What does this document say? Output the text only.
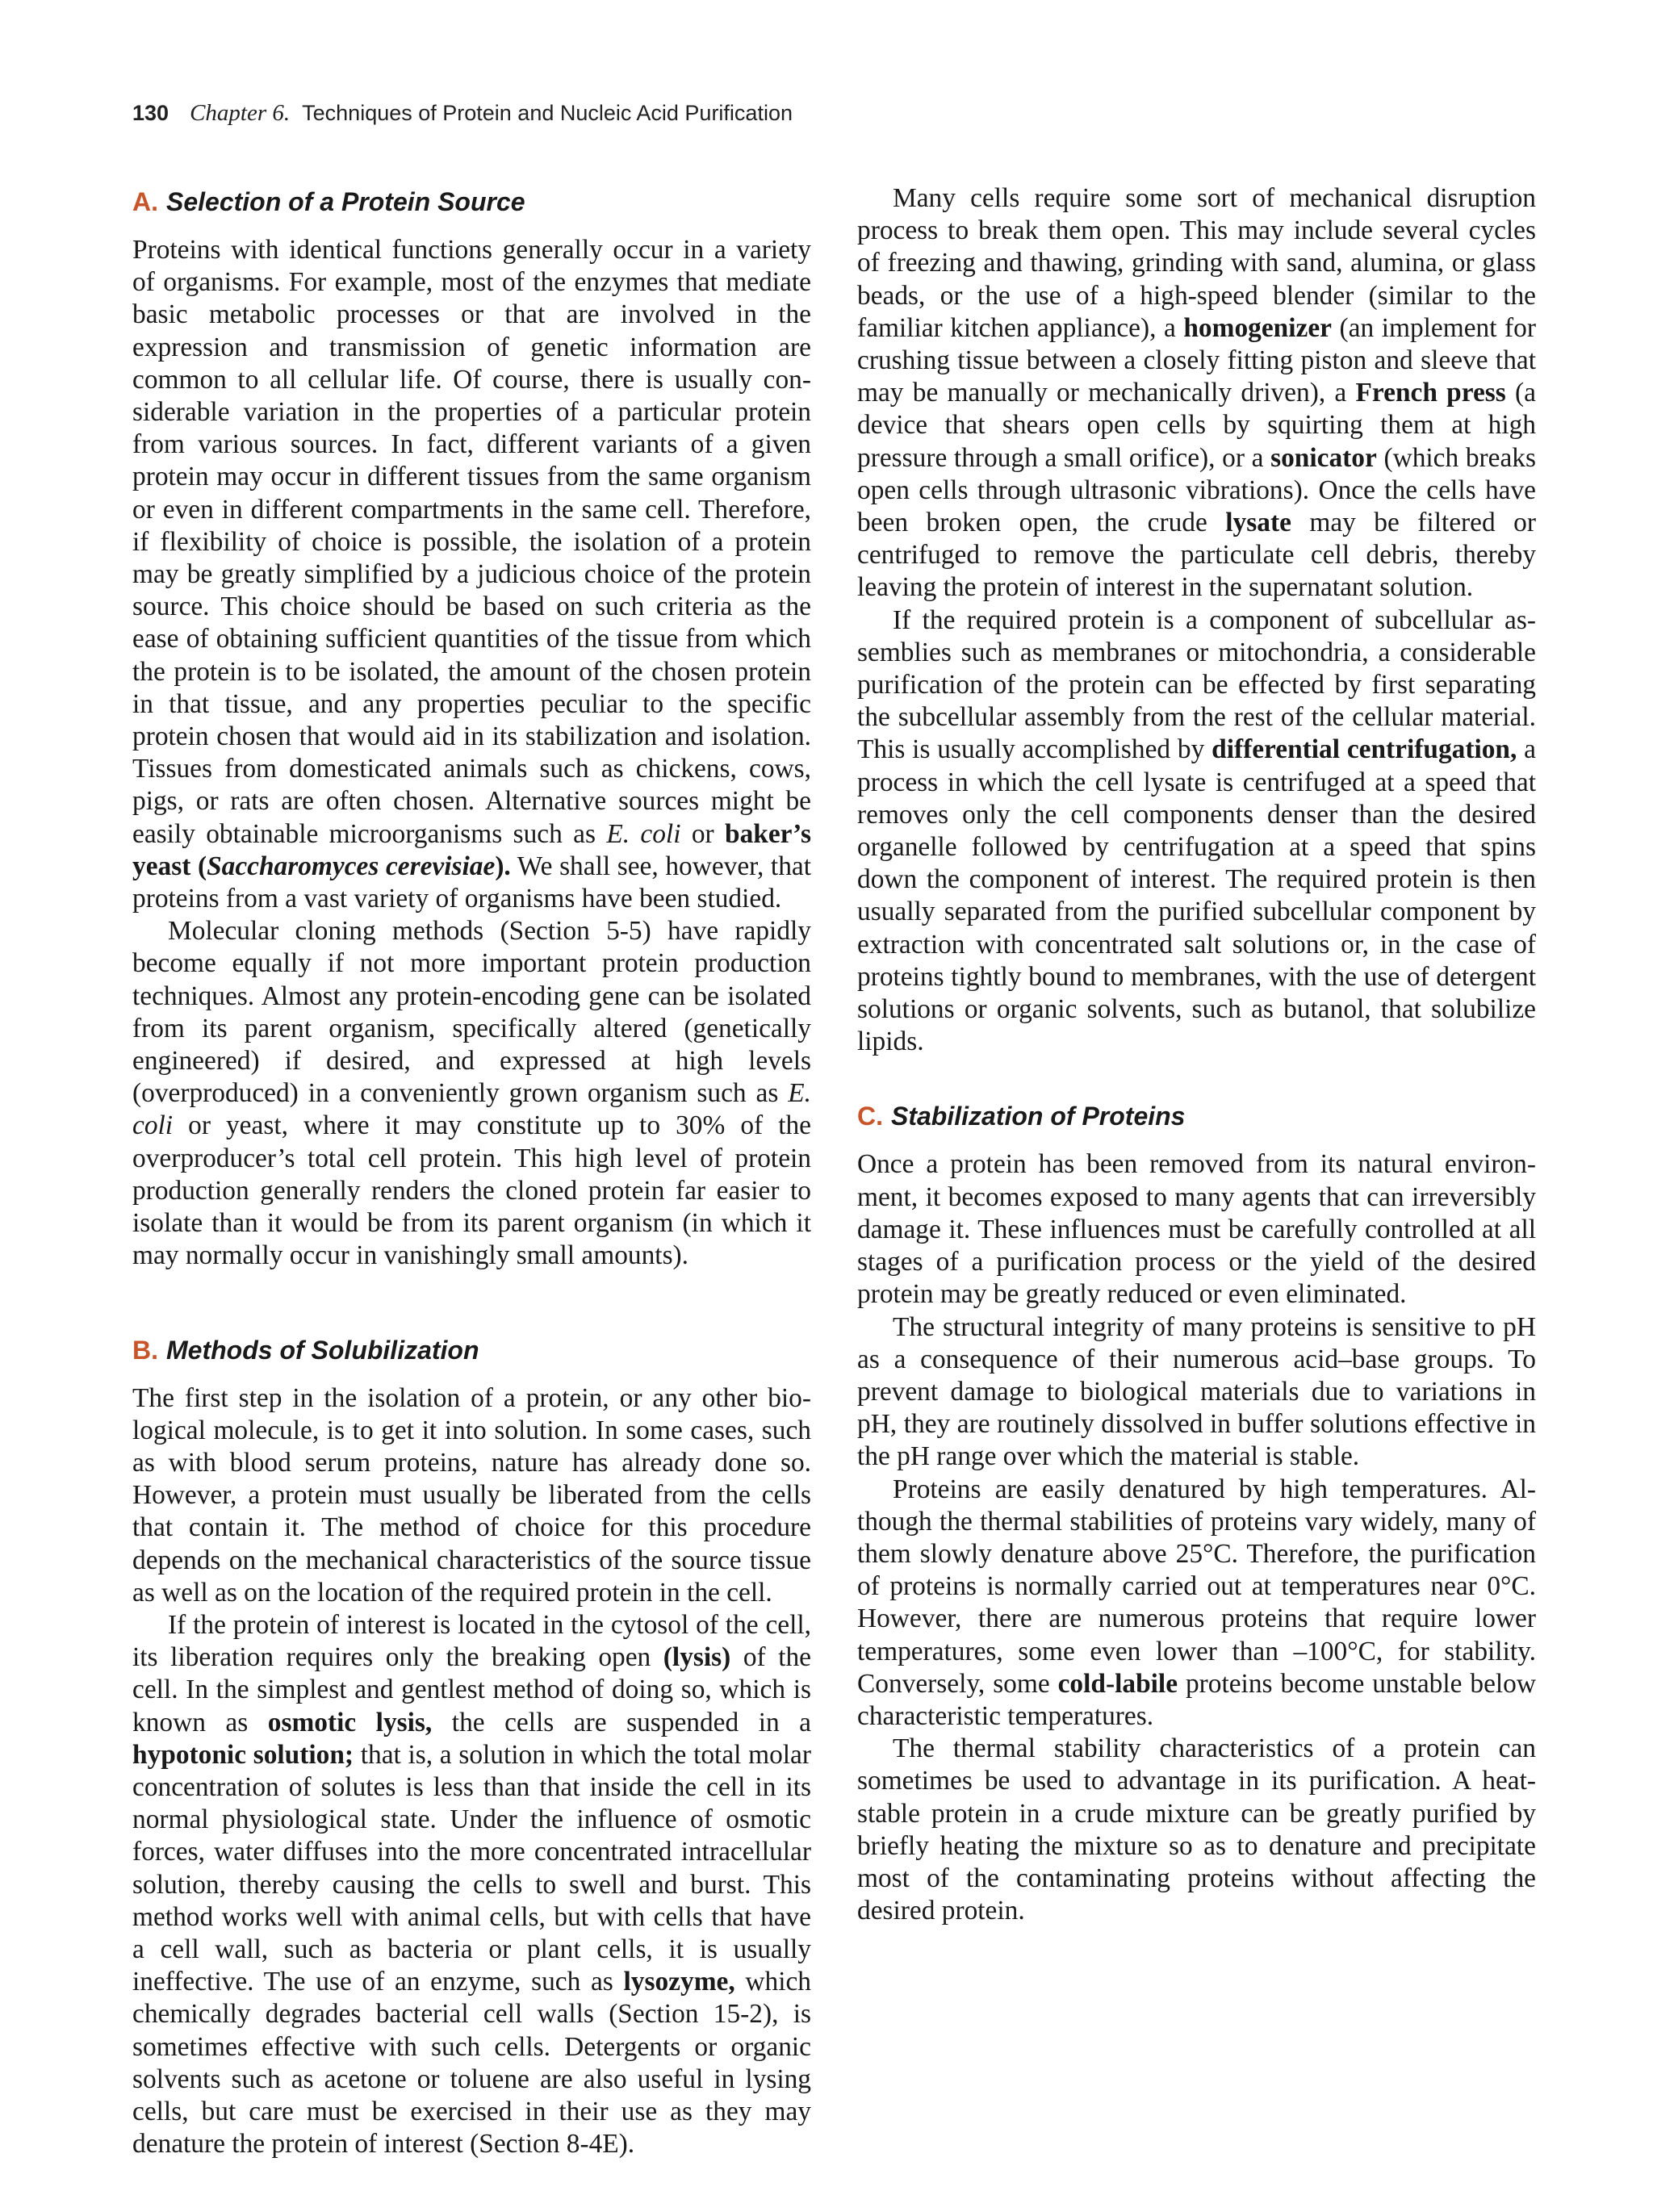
130 Chapter 6. Techniques of Protein and Nucleic Acid Purification
A. Selection of a Protein Source

Proteins with identical functions generally occur in a variety of organisms. For example, most of the enzymes that mediate basic metabolic processes or that are involved in the expression and transmission of genetic information are common to all cellular life. Of course, there is usually considerable variation in the properties of a particular protein from various sources. In fact, different variants of a given protein may occur in different tissues from the same organism or even in different compartments in the same cell. Therefore, if flexibility of choice is possible, the isolation of a protein may be greatly simplified by a judicious choice of the protein source. This choice should be based on such criteria as the ease of obtaining sufficient quantities of the tissue from which the protein is to be isolated, the amount of the chosen protein in that tissue, and any properties peculiar to the specific protein chosen that would aid in its stabilization and isolation. Tissues from domesticated animals such as chickens, cows, pigs, or rats are often chosen. Alternative sources might be easily obtainable microorganisms such as E. coli or baker’s yeast (Saccharomyces cerevisiae). We shall see, however, that proteins from a vast variety of organisms have been studied.

Molecular cloning methods (Section 5-5) have rapidly become equally if not more important protein production techniques. Almost any protein-encoding gene can be isolated from its parent organism, specifically altered (genetically engineered) if desired, and expressed at high levels (overproduced) in a conveniently grown organism such as E. coli or yeast, where it may constitute up to 30% of the overproducer’s total cell protein. This high level of protein production generally renders the cloned protein far easier to isolate than it would be from its parent organism (in which it may normally occur in vanishingly small amounts).

B. Methods of Solubilization

The first step in the isolation of a protein, or any other biological molecule, is to get it into solution. In some cases, such as with blood serum proteins, nature has already done so. However, a protein must usually be liberated from the cells that contain it. The method of choice for this procedure depends on the mechanical characteristics of the source tissue as well as on the location of the required protein in the cell.

If the protein of interest is located in the cytosol of the cell, its liberation requires only the breaking open (lysis) of the cell. In the simplest and gentlest method of doing so, which is known as osmotic lysis, the cells are suspended in a hypotonic solution; that is, a solution in which the total molar concentration of solutes is less than that inside the cell in its normal physiological state. Under the influence of osmotic forces, water diffuses into the more concentrated intracellular solution, thereby causing the cells to swell and burst. This method works well with animal cells, but with cells that have a cell wall, such as bacteria or plant cells, it is usually ineffective. The use of an enzyme, such as lysozyme, which chemically degrades bacterial cell walls (Section 15-2), is sometimes effective with such cells. Detergents or organic solvents such as acetone or toluene are also useful in lysing cells, but care must be exercised in their use as they may denature the protein of interest (Section 8-4E).

Many cells require some sort of mechanical disruption process to break them open. This may include several cycles of freezing and thawing, grinding with sand, alumina, or glass beads, or the use of a high-speed blender (similar to the familiar kitchen appliance), a homogenizer (an implement for crushing tissue between a closely fitting piston and sleeve that may be manually or mechanically driven), a French press (a device that shears open cells by squirting them at high pressure through a small orifice), or a sonicator (which breaks open cells through ultrasonic vibrations). Once the cells have been broken open, the crude lysate may be filtered or centrifuged to remove the particulate cell debris, thereby leaving the protein of interest in the supernatant solution.

If the required protein is a component of subcellular assemblies such as membranes or mitochondria, a considerable purification of the protein can be effected by first separating the subcellular assembly from the rest of the cellular material. This is usually accomplished by differential centrifugation, a process in which the cell lysate is centrifuged at a speed that removes only the cell components denser than the desired organelle followed by centrifugation at a speed that spins down the component of interest. The required protein is then usually separated from the purified subcellular component by extraction with concentrated salt solutions or, in the case of proteins tightly bound to membranes, with the use of detergent solutions or organic solvents, such as butanol, that solubilize lipids.

C. Stabilization of Proteins

Once a protein has been removed from its natural environment, it becomes exposed to many agents that can irreversibly damage it. These influences must be carefully controlled at all stages of a purification process or the yield of the desired protein may be greatly reduced or even eliminated.

The structural integrity of many proteins is sensitive to pH as a consequence of their numerous acid–base groups. To prevent damage to biological materials due to variations in pH, they are routinely dissolved in buffer solutions effective in the pH range over which the material is stable.

Proteins are easily denatured by high temperatures. Although the thermal stabilities of proteins vary widely, many of them slowly denature above 25°C. Therefore, the purification of proteins is normally carried out at temperatures near 0°C. However, there are numerous proteins that require lower temperatures, some even lower than –100°C, for stability. Conversely, some cold-labile proteins become unstable below characteristic temperatures.

The thermal stability characteristics of a protein can sometimes be used to advantage in its purification. A heat-stable protein in a crude mixture can be greatly purified by briefly heating the mixture so as to denature and precipitate most of the contaminating proteins without affecting the desired protein.
